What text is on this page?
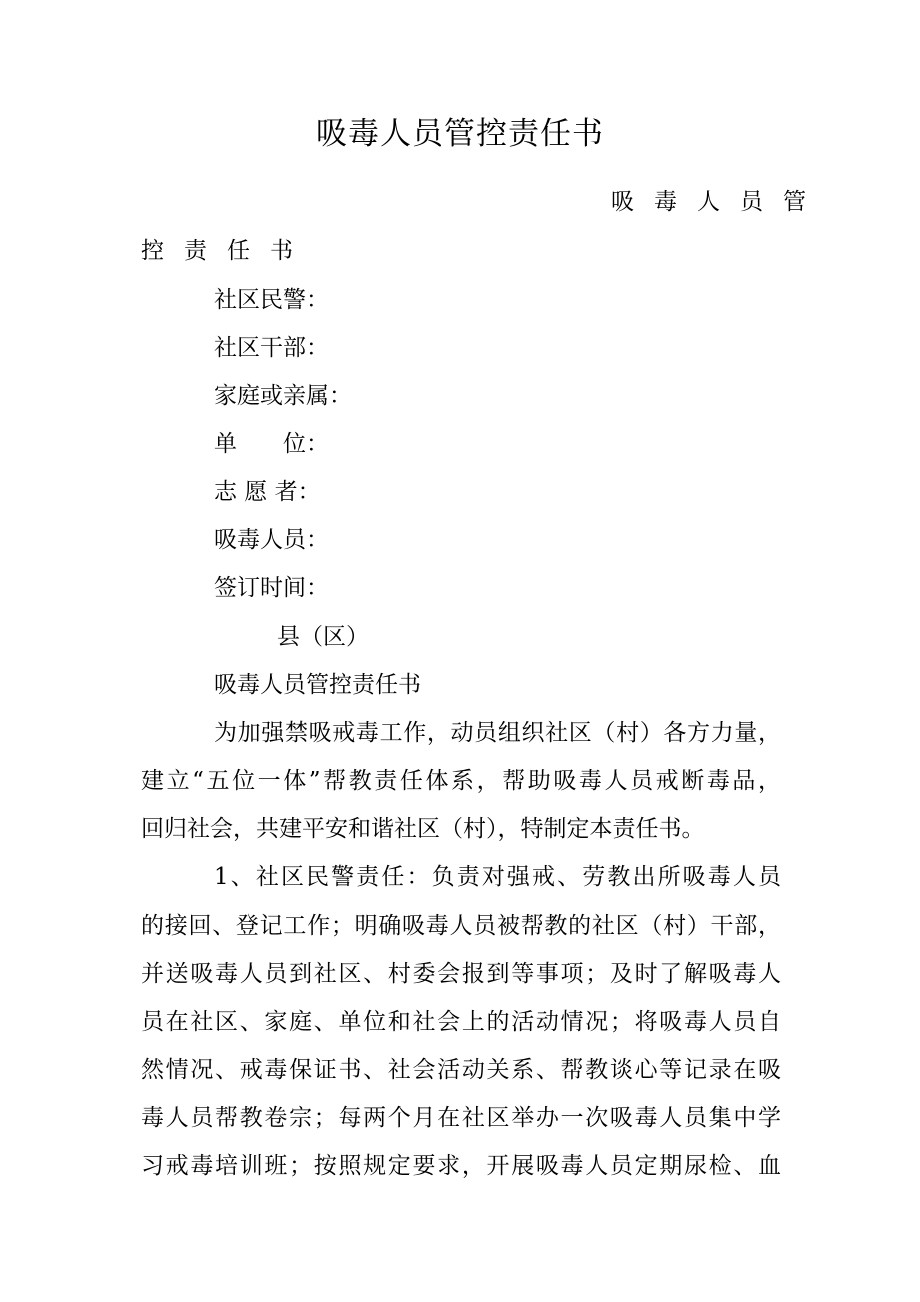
吸毒人员管控责任书
吸毒人员管
控责任书
社区民警：
社区干部：
家庭或亲属：
单　　位：
志 愿 者：
吸毒人员：
签订时间：
县（区）
吸毒人员管控责任书
为加强禁吸戒毒工作，动员组织社区（村）各方力量，
建立“五位一体”帮教责任体系，帮助吸毒人员戒断毒品，
回归社会，共建平安和谐社区（村），特制定本责任书。
1、社区民警责任：负责对强戒、劳教出所吸毒人员
的接回、登记工作；明确吸毒人员被帮教的社区（村）干部，
并送吸毒人员到社区、村委会报到等事项；及时了解吸毒人
员在社区、家庭、单位和社会上的活动情况；将吸毒人员自
然情况、戒毒保证书、社会活动关系、帮教谈心等记录在吸
毒人员帮教卷宗；每两个月在社区举办一次吸毒人员集中学
习戒毒培训班；按照规定要求，开展吸毒人员定期尿检、血
